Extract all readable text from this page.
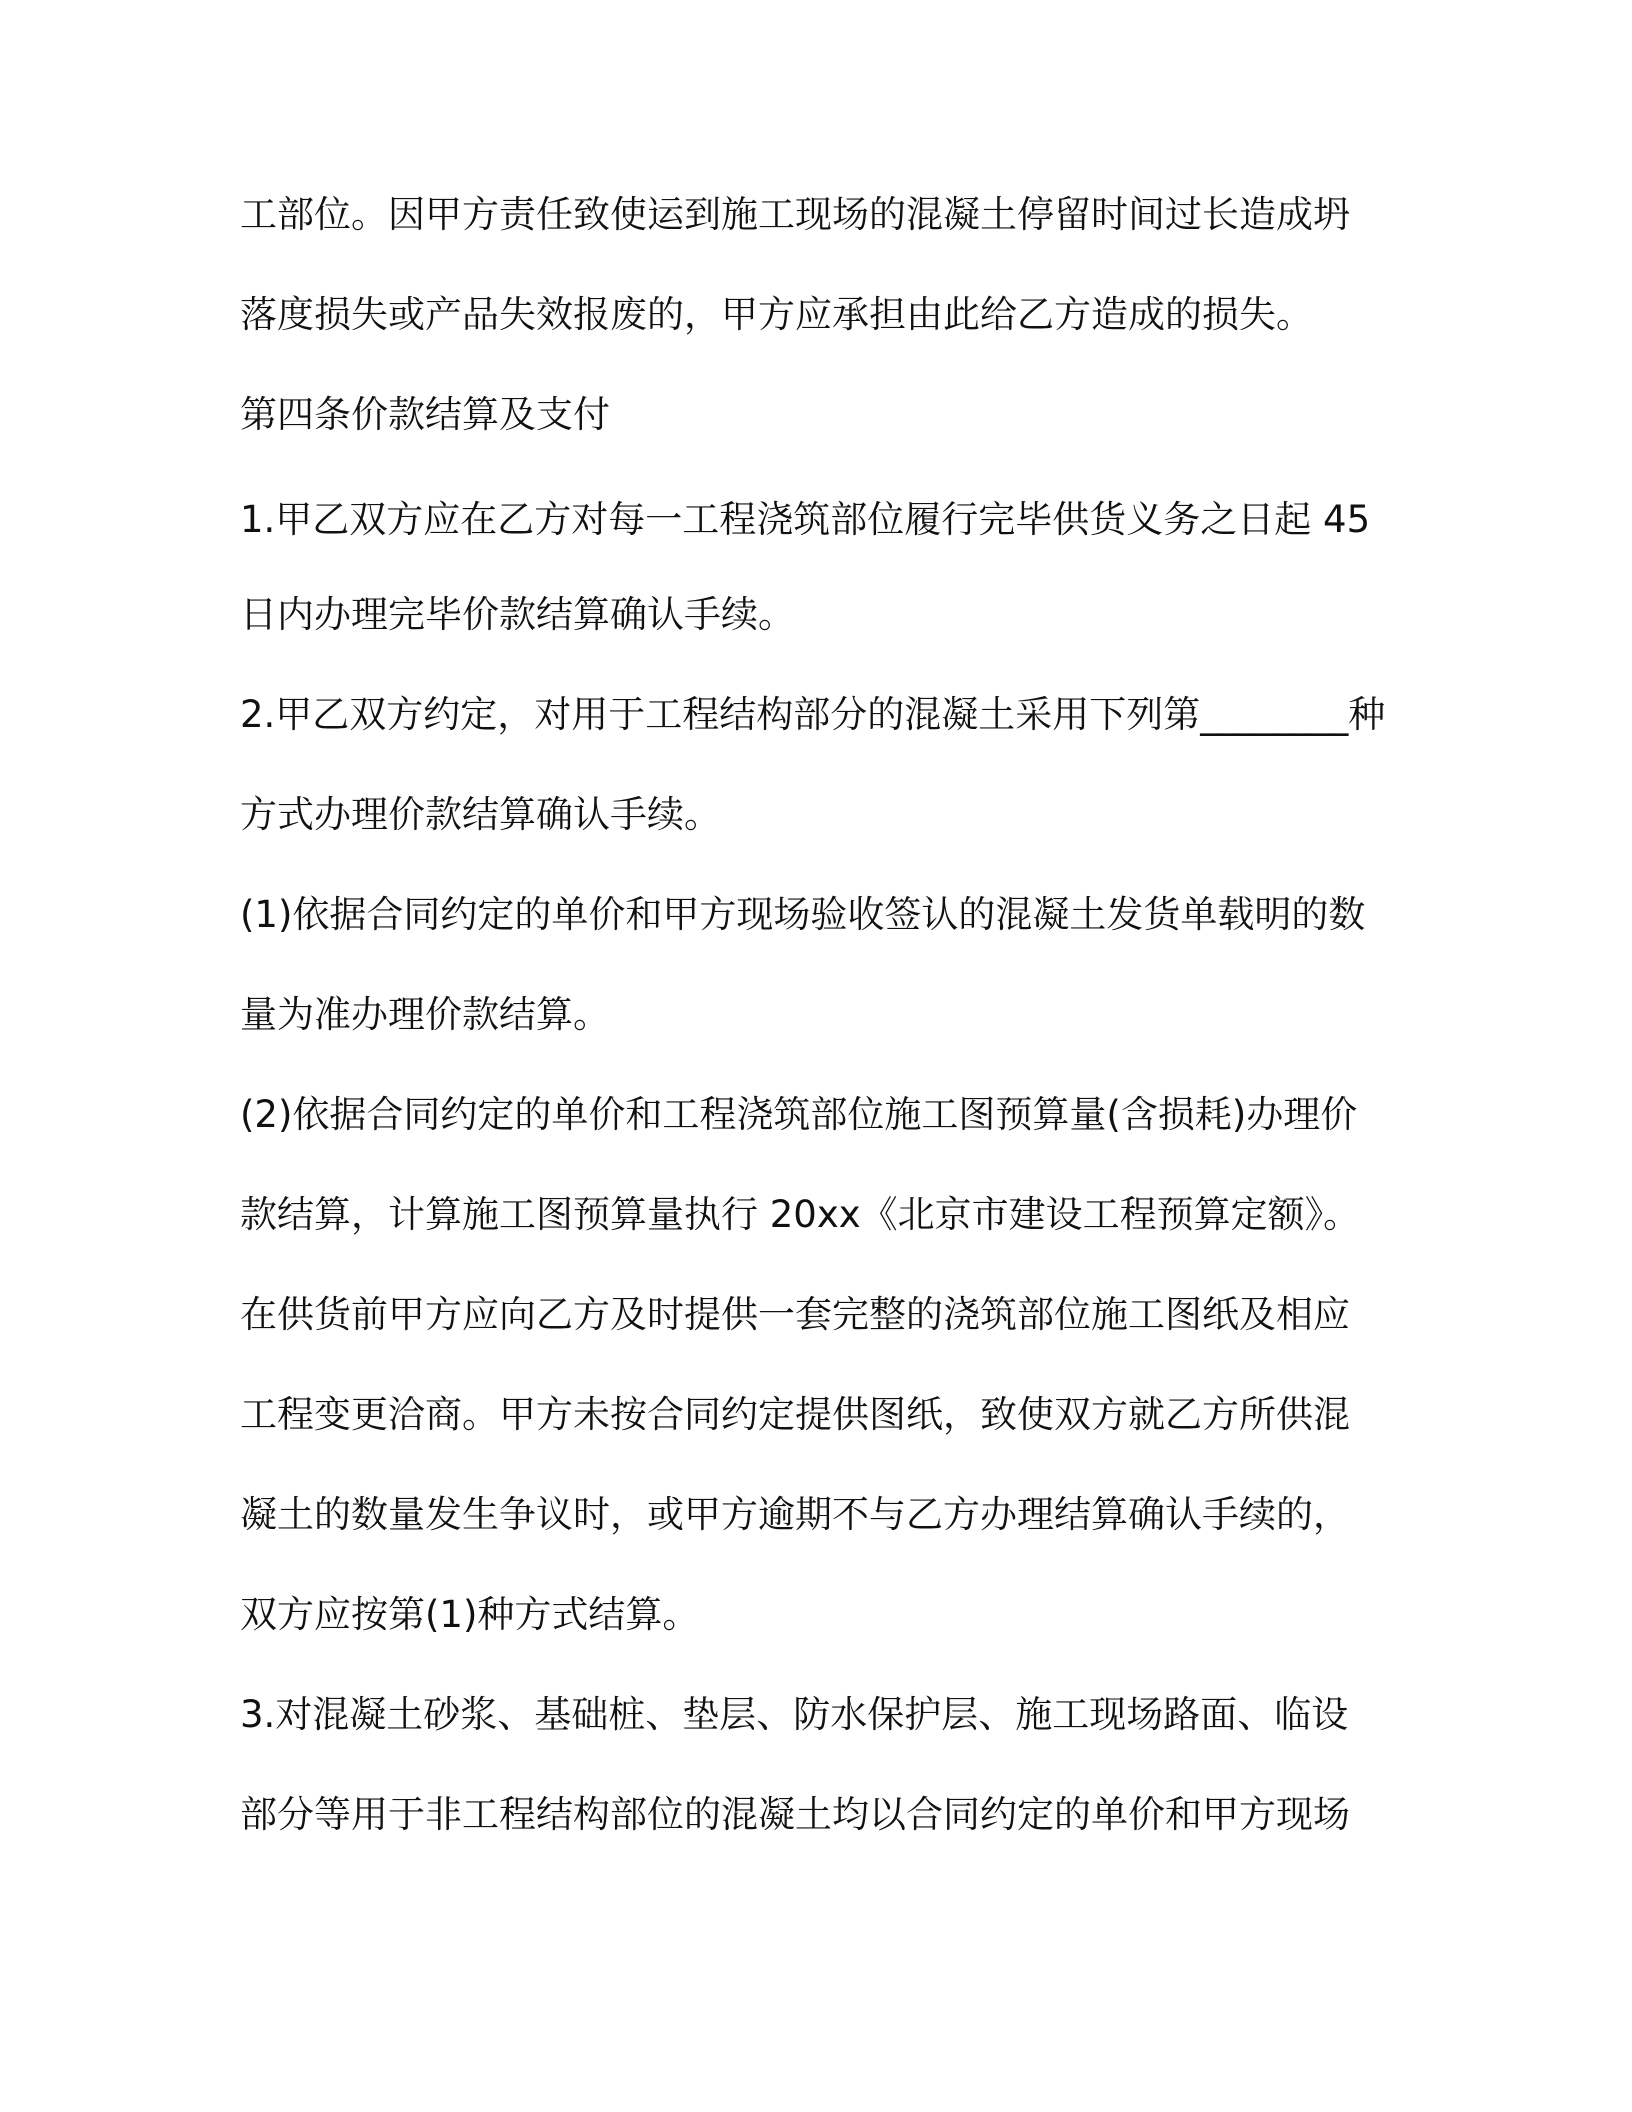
工部位。因甲方责任致使运到施工现场的混凝土停留时间过长造成坍
落度损失或产品失效报废的，甲方应承担由此给乙方造成的损失。
第四条价款结算及支付
1.甲乙双方应在乙方对每一工程浇筑部位履行完毕供货义务之日起 45
日内办理完毕价款结算确认手续。
2.甲乙双方约定，对用于工程结构部分的混凝土采用下列第________种
方式办理价款结算确认手续。
(1)依据合同约定的单价和甲方现场验收签认的混凝土发货单载明的数
量为准办理价款结算。
(2)依据合同约定的单价和工程浇筑部位施工图预算量(含损耗)办理价
款结算，计算施工图预算量执行 20xx《北京市建设工程预算定额》。
在供货前甲方应向乙方及时提供一套完整的浇筑部位施工图纸及相应
工程变更洽商。甲方未按合同约定提供图纸，致使双方就乙方所供混
凝土的数量发生争议时，或甲方逾期不与乙方办理结算确认手续的，
双方应按第(1)种方式结算。
3.对混凝土砂浆、基础桩、垫层、防水保护层、施工现场路面、临设
部分等用于非工程结构部位的混凝土均以合同约定的单价和甲方现场
